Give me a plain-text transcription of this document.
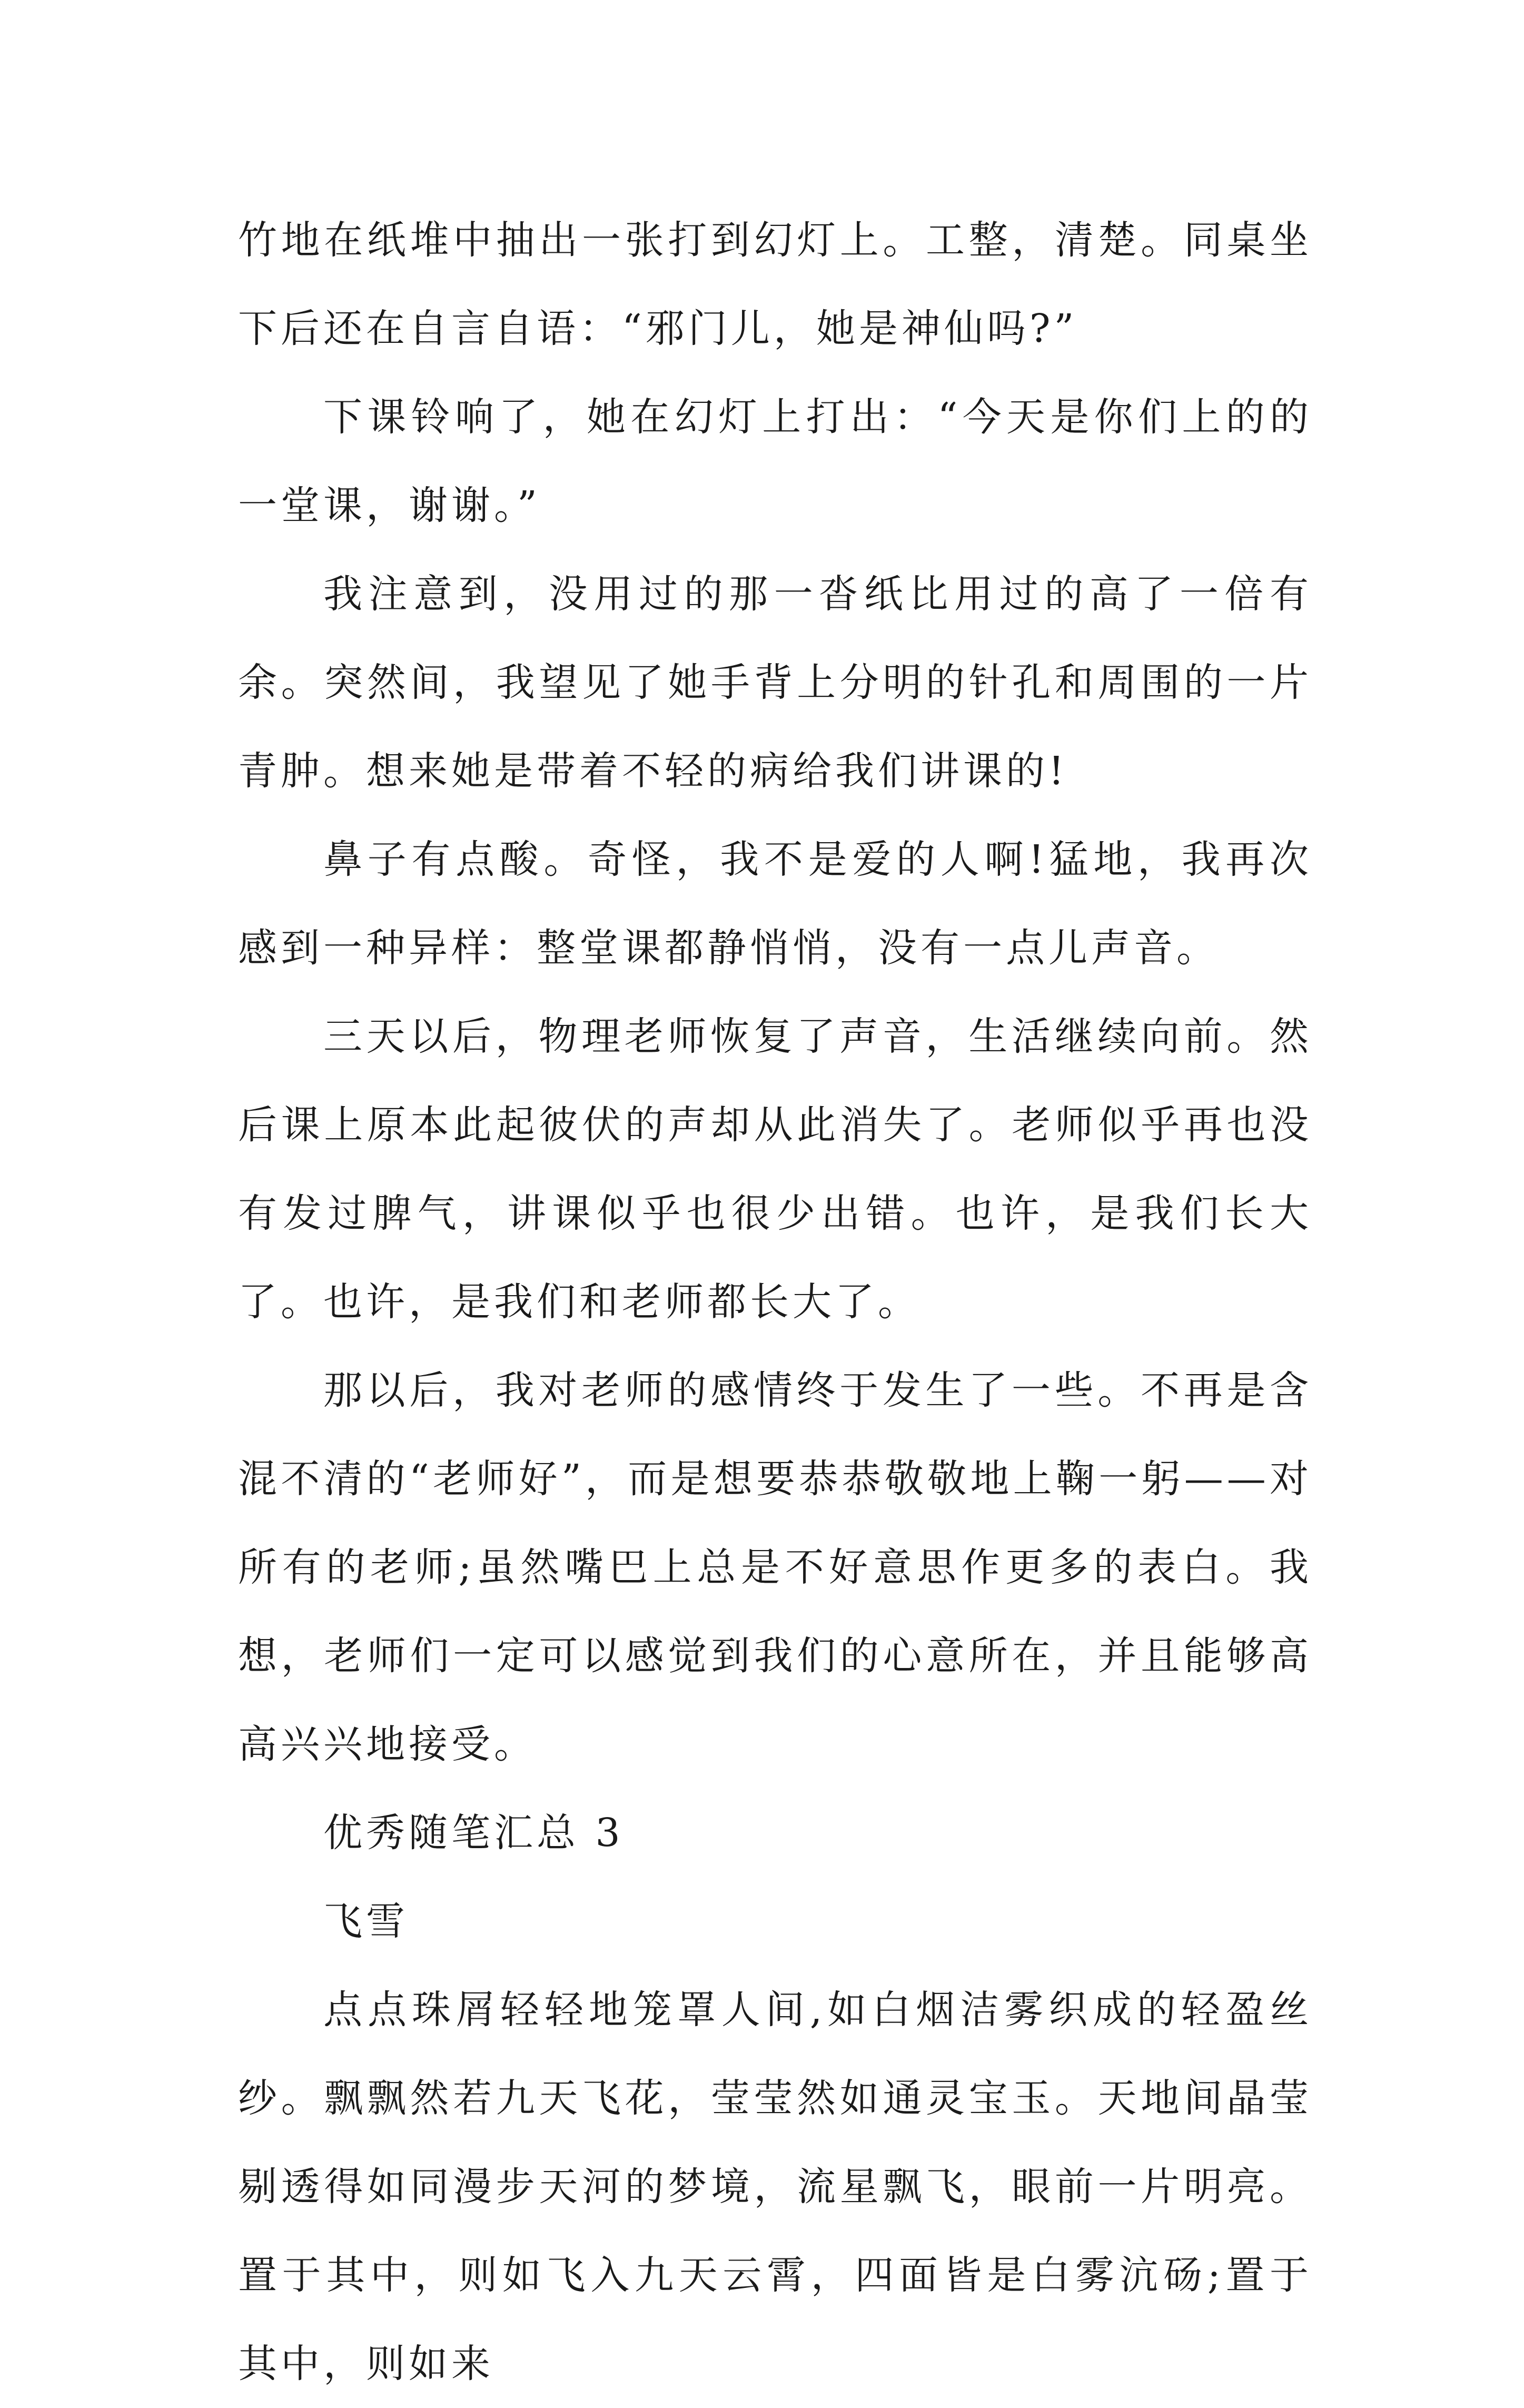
竹地在纸堆中抽出一张打到幻灯上。工整，清楚。同桌坐下后还在自言自语：“邪门儿，她是神仙吗?”

下课铃响了，她在幻灯上打出：“今天是你们上的的一堂课，谢谢。”

我注意到，没用过的那一沓纸比用过的高了一倍有余。突然间，我望见了她手背上分明的针孔和周围的一片青肿。想来她是带着不轻的病给我们讲课的!

鼻子有点酸。奇怪，我不是爱的人啊!猛地，我再次感到一种异样：整堂课都静悄悄，没有一点儿声音。

三天以后，物理老师恢复了声音，生活继续向前。然后课上原本此起彼伏的声却从此消失了。老师似乎再也没有发过脾气，讲课似乎也很少出错。也许，是我们长大了。也许，是我们和老师都长大了。

那以后，我对老师的感情终于发生了一些。不再是含混不清的“老师好”，而是想要恭恭敬敬地上鞠一躬——对所有的老师;虽然嘴巴上总是不好意思作更多的表白。我想，老师们一定可以感觉到我们的心意所在，并且能够高高兴兴地接受。

优秀随笔汇总 3

飞雪

点点珠屑轻轻地笼罩人间,如白烟洁雾织成的轻盈丝纱。飘飘然若九天飞花，莹莹然如通灵宝玉。天地间晶莹剔透得如同漫步天河的梦境，流星飘飞，眼前一片明亮。置于其中，则如飞入九天云霄，四面皆是白雾沆砀;置于其中，则如来
